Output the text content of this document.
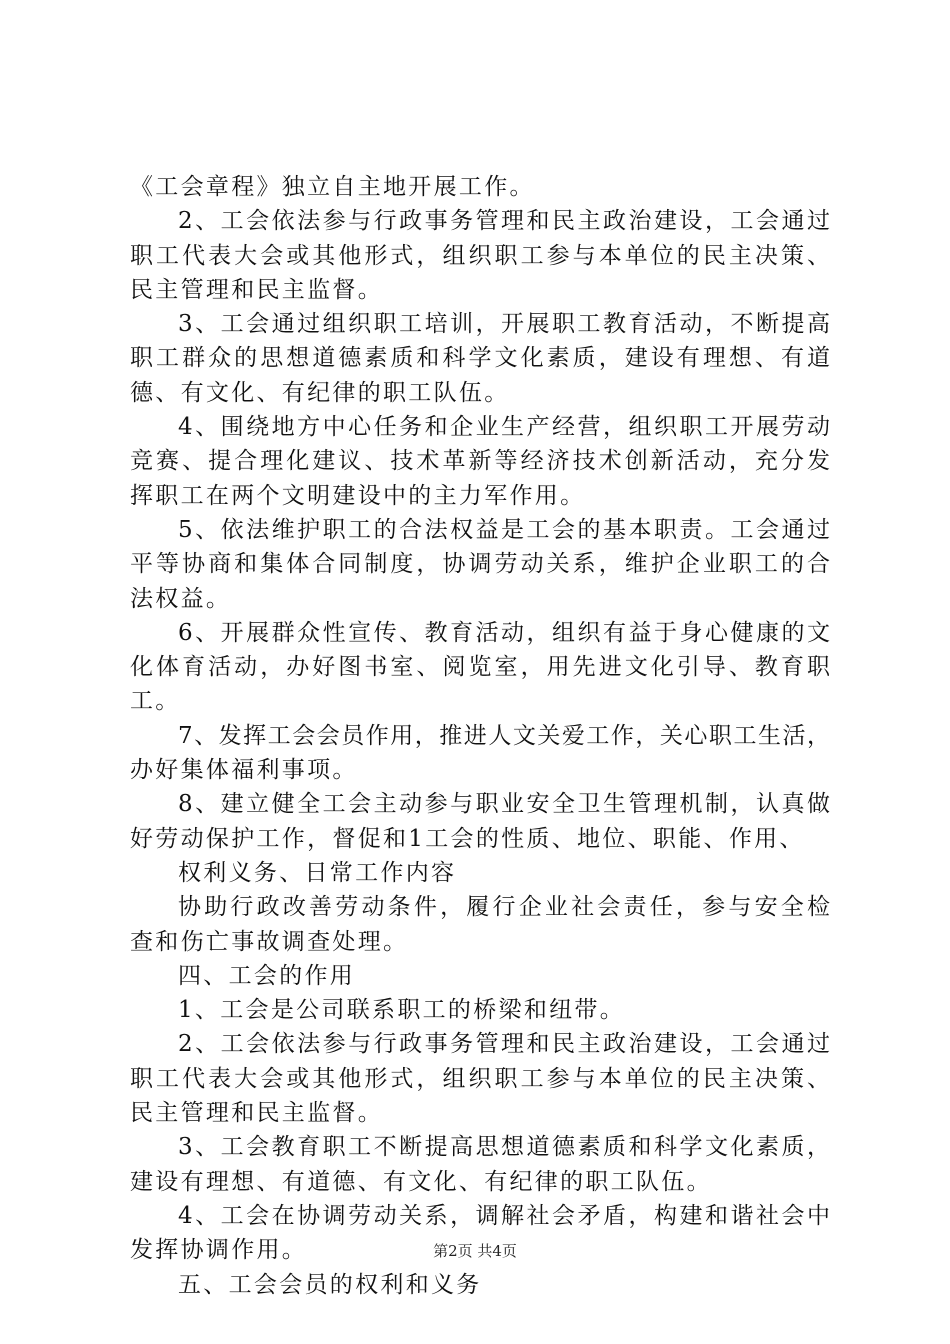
《工会章程》独立自主地开展工作。
2、工会依法参与行政事务管理和民主政治建设，工会通过
职工代表大会或其他形式，组织职工参与本单位的民主决策、
民主管理和民主监督。
3、工会通过组织职工培训，开展职工教育活动，不断提高
职工群众的思想道德素质和科学文化素质，建设有理想、有道
德、有文化、有纪律的职工队伍。
4、围绕地方中心任务和企业生产经营，组织职工开展劳动
竞赛、提合理化建议、技术革新等经济技术创新活动，充分发
挥职工在两个文明建设中的主力军作用。
5、依法维护职工的合法权益是工会的基本职责。工会通过
平等协商和集体合同制度，协调劳动关系，维护企业职工的合
法权益。
6、开展群众性宣传、教育活动，组织有益于身心健康的文
化体育活动，办好图书室、阅览室，用先进文化引导、教育职
工。
7、发挥工会会员作用，推进人文关爱工作，关心职工生活，
办好集体福利事项。
8、建立健全工会主动参与职业安全卫生管理机制，认真做
好劳动保护工作，督促和1工会的性质、地位、职能、作用、
权利义务、日常工作内容
协助行政改善劳动条件，履行企业社会责任，参与安全检
查和伤亡事故调查处理。
四、工会的作用
1、工会是公司联系职工的桥梁和纽带。
2、工会依法参与行政事务管理和民主政治建设，工会通过
职工代表大会或其他形式，组织职工参与本单位的民主决策、
民主管理和民主监督。
3、工会教育职工不断提高思想道德素质和科学文化素质，
建设有理想、有道德、有文化、有纪律的职工队伍。
4、工会在协调劳动关系，调解社会矛盾，构建和谐社会中
发挥协调作用。
五、工会会员的权利和义务
第2页 共4页
